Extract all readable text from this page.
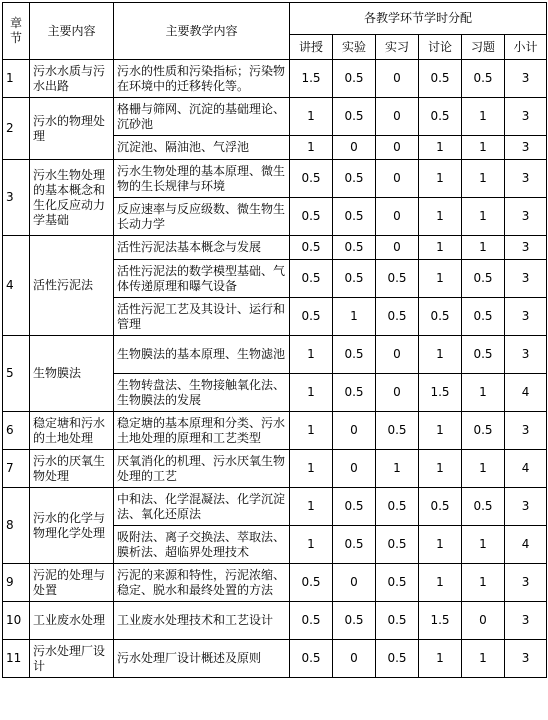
章节	主要内容	主要教学内容	各教学环节学时分配					
			讲授	实验	实习	讨论	习题	小计
1	污水水质与污水出路	污水的性质和污染指标；污染物在环境中的迁移转化等。	1.5	0.5	0	0.5	0.5	3
2	污水的物理处理	格栅与筛网、沉淀的基础理论、沉砂池	1	0.5	0	0.5	1	3
		沉淀池、隔油池、气浮池	1	0	0	1	1	3
3	污水生物处理的基本概念和生化反应动力学基础	污水生物处理的基本原理、微生物的生长规律与环境	0.5	0.5	0	1	1	3
		反应速率与反应级数、微生物生长动力学	0.5	0.5	0	1	1	3
4	活性污泥法	活性污泥法基本概念与发展	0.5	0.5	0	1	1	3
		活性污泥法的数学模型基础、气体传递原理和曝气设备	0.5	0.5	0.5	1	0.5	3
		活性污泥工艺及其设计、运行和管理	0.5	1	0.5	0.5	0.5	3
5	生物膜法	生物膜法的基本原理、生物滤池	1	0.5	0	1	0.5	3
		生物转盘法、生物接触氧化法、生物膜法的发展	1	0.5	0	1.5	1	4
6	稳定塘和污水的土地处理	稳定塘的基本原理和分类、污水土地处理的原理和工艺类型	1	0	0.5	1	0.5	3
7	污水的厌氧生物处理	厌氧消化的机理、污水厌氧生物处理的工艺	1	0	1	1	1	4
8	污水的化学与物理化学处理	中和法、化学混凝法、化学沉淀法、氧化还原法	1	0.5	0.5	0.5	0.5	3
		吸附法、离子交换法、萃取法、膜析法、超临界处理技术	1	0.5	0.5	1	1	4
9	污泥的处理与处置	污泥的来源和特性，污泥浓缩、稳定、脱水和最终处置的方法	0.5	0	0.5	1	1	3
10	工业废水处理	工业废水处理技术和工艺设计	0.5	0.5	0.5	1.5	0	3
11	污水处理厂设计	污水处理厂设计概述及原则	0.5	0	0.5	1	1	3
